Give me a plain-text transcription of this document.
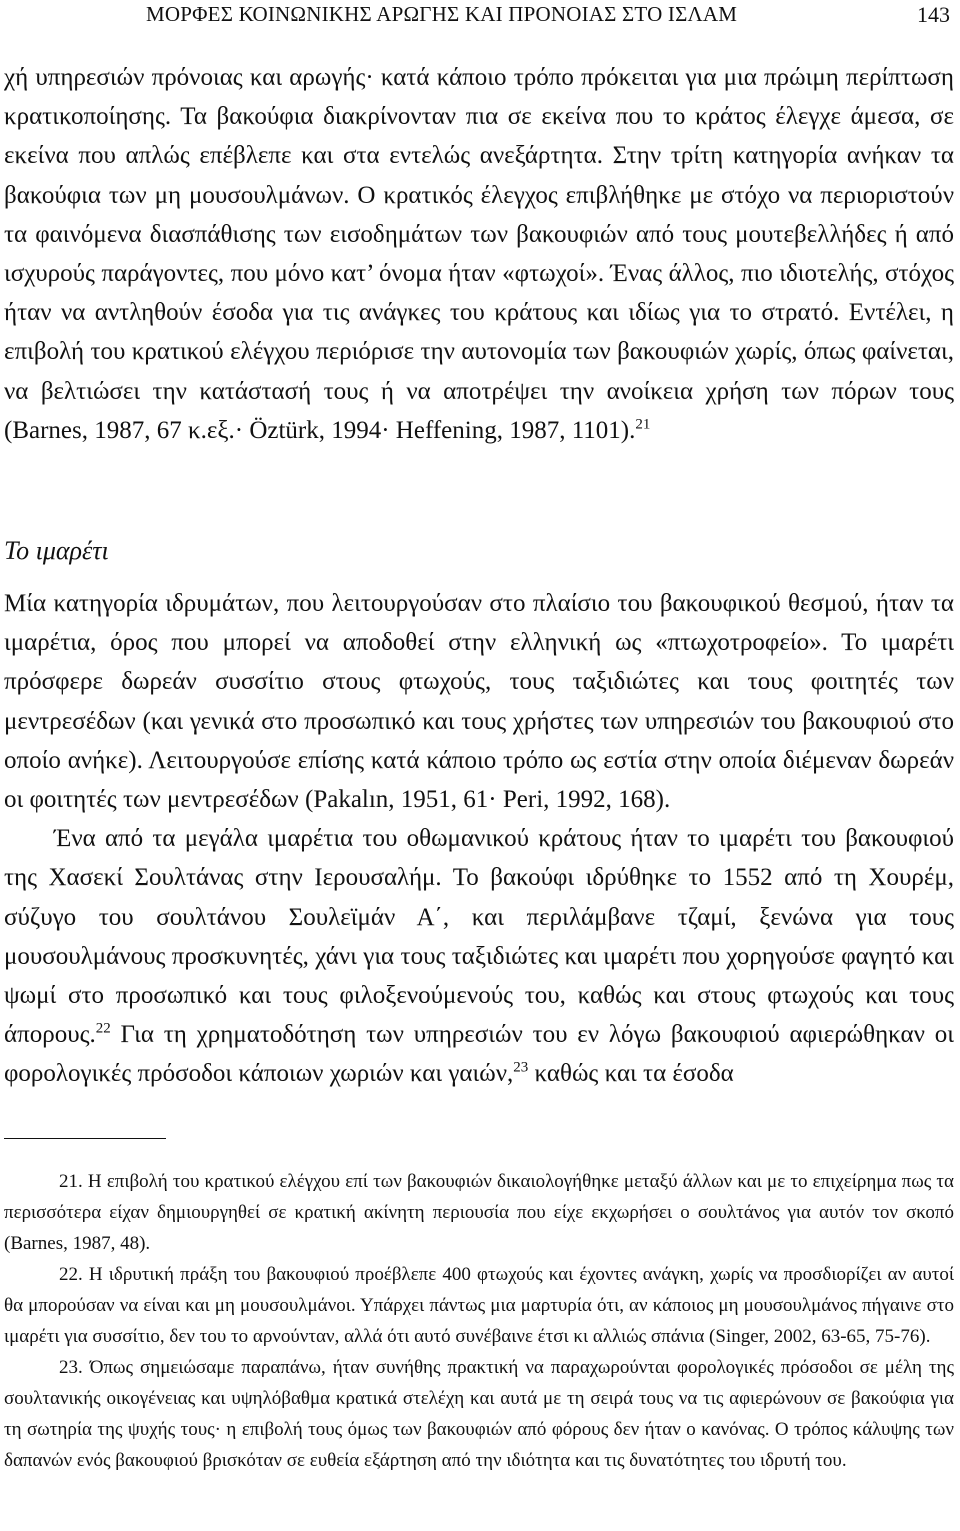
ΜΟΡΦΕΣ ΚΟΙΝΩΝΙΚΗΣ ΑΡΩΓΗΣ ΚΑΙ ΠΡΟΝΟΙΑΣ ΣΤΟ ΙΣΛΑΜ	143

χή υπηρεσιών πρόνοιας και αρωγής· κατά κάποιο τρόπο πρόκειται για μια πρώιμη περίπτωση κρατικοποίησης. Τα βακούφια διακρίνονταν πια σε εκείνα που το κράτος έλεγχε άμεσα, σε εκείνα που απλώς επέβλεπε και στα εντελώς ανεξάρτητα. Στην τρίτη κατηγορία ανήκαν τα βακούφια των μη μουσουλμάνων. Ο κρατικός έλεγχος επιβλήθηκε με στόχο να περιοριστούν τα φαινόμενα διασπάθισης των εισοδημάτων των βακουφιών από τους μουτεβελλήδες ή από ισχυρούς παράγοντες, που μόνο κατ’ όνομα ήταν «φτωχοί». Ένας άλλος, πιο ιδιοτελής, στόχος ήταν να αντληθούν έσοδα για τις ανάγκες του κράτους και ιδίως για το στρατό. Εντέλει, η επιβολή του κρατικού ελέγχου περιόρισε την αυτονομία των βακουφιών χωρίς, όπως φαίνεται, να βελτιώσει την κατάστασή τους ή να αποτρέψει την ανοίκεια χρήση των πόρων τους (Barnes, 1987, 67 κ.εξ.· Öztürk, 1994· Heffening, 1987, 1101).$^{21}$

Το ιμαρέτι

Μία κατηγορία ιδρυμάτων, που λειτουργούσαν στο πλαίσιο του βακουφικού θεσμού, ήταν τα ιμαρέτια, όρος που μπορεί να αποδοθεί στην ελληνική ως «πτωχοτροφείο». Το ιμαρέτι πρόσφερε δωρεάν συσσίτιο στους φτωχούς, τους ταξιδιώτες και τους φοιτητές των μεντρεσέδων (και γενικά στο προσωπικό και τους χρήστες των υπηρεσιών του βακουφιού στο οποίο ανήκε). Λειτουργούσε επίσης κατά κάποιο τρόπο ως εστία στην οποία διέμεναν δωρεάν οι φοιτητές των μεντρεσέδων (Pakalın, 1951, 61· Peri, 1992, 168).

Ένα από τα μεγάλα ιμαρέτια του οθωμανικού κράτους ήταν το ιμαρέτι του βακουφιού της Χασεκί Σουλτάνας στην Ιερουσαλήμ. Το βακούφι ιδρύθηκε το 1552 από τη Χουρέμ, σύζυγο του σουλτάνου Σουλεϊμάν Α΄, και περιλάμβανε τζαμί, ξενώνα για τους μουσουλμάνους προσκυνητές, χάνι για τους ταξιδιώτες και ιμαρέτι που χορηγούσε φαγητό και ψωμί στο προσωπικό και τους φιλοξενούμενούς του, καθώς και στους φτωχούς και τους άπορους.$^{22}$ Για τη χρηματοδότηση των υπηρεσιών του εν λόγω βακουφιού αφιερώθηκαν οι φορολογικές πρόσοδοι κάποιων χωριών και γαιών,$^{23}$ καθώς και τα έσοδα

21. Η επιβολή του κρατικού ελέγχου επί των βακουφιών δικαιολογήθηκε μεταξύ άλλων και με το επιχείρημα πως τα περισσότερα είχαν δημιουργηθεί σε κρατική ακίνητη περιουσία που είχε εκχωρήσει ο σουλτάνος για αυτόν τον σκοπό (Barnes, 1987, 48).

22. Η ιδρυτική πράξη του βακουφιού προέβλεπε 400 φτωχούς και έχοντες ανάγκη, χωρίς να προσδιορίζει αν αυτοί θα μπορούσαν να είναι και μη μουσουλμάνοι. Υπάρχει πάντως μια μαρτυρία ότι, αν κάποιος μη μουσουλμάνος πήγαινε στο ιμαρέτι για συσσίτιο, δεν του το αρνούνταν, αλλά ότι αυτό συνέβαινε έτσι κι αλλιώς σπάνια (Singer, 2002, 63-65, 75-76).

23. Όπως σημειώσαμε παραπάνω, ήταν συνήθης πρακτική να παραχωρούνται φορολογικές πρόσοδοι σε μέλη της σουλτανικής οικογένειας και υψηλόβαθμα κρατικά στελέχη και αυτά με τη σειρά τους να τις αφιερώνουν σε βακούφια για τη σωτηρία της ψυχής τους· η επιβολή τους όμως των βακουφιών από φόρους δεν ήταν ο κανόνας. Ο τρόπος κάλυψης των δαπανών ενός βακουφιού βρισκόταν σε ευθεία εξάρτηση από την ιδιότητα και τις δυνατότητες του ιδρυτή του.
